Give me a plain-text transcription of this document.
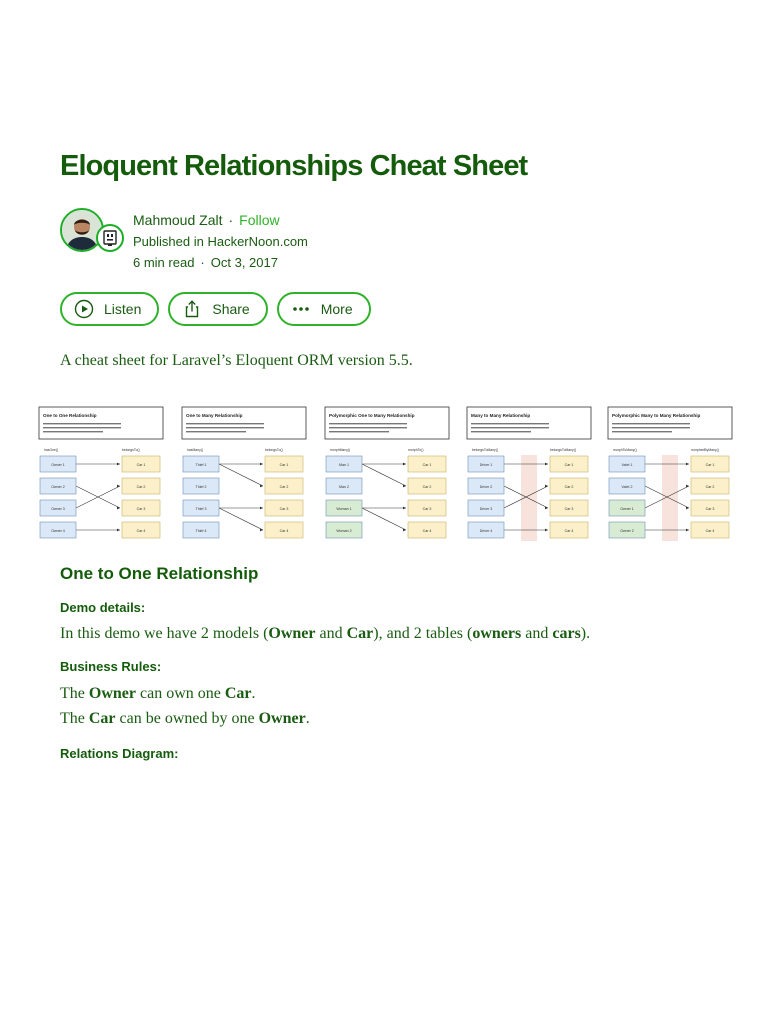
Eloquent Relationships Cheat Sheet
Mahmoud Zalt · Follow
Published in HackerNoon.com
6 min read · Oct 3, 2017
Listen	Share	More

A cheat sheet for Laravel’s Eloquent ORM version 5.5.

One to One Relationship
hasOne()	belongsTo()
Owner 1	Car 1
Owner 2	Car 2
Owner 3	Car 3
Owner 4	Car 4
One to Many Relationship
hasMany()	belongsTo()
Thief 1	Car 1
Thief 2	Car 2
Thief 3	Car 3
Thief 4	Car 4
Polymorphic One to Many Relationship
morphMany()	morphTo()
Man 1	Car 1
Man 2	Car 2
Woman 1	Car 3
Woman 2	Car 4
Many to Many Relationship
belongsToMany()	belongsToMany()
Driver 1	Car 1
Driver 2	Car 2
Driver 3	Car 3
Driver 4	Car 4
Polymorphic Many to Many Relationship
morphToMany()	morphedByMany()
Valet 1	Car 1
Valet 2	Car 2
Owner 1	Car 3
Owner 2	Car 4
One to One Relationship
Demo details:

In this demo we have 2 models (Owner and Car), and 2 tables (owners and cars).

Business Rules:

The Owner can own one Car.

The Car can be owned by one Owner.

Relations Diagram:
